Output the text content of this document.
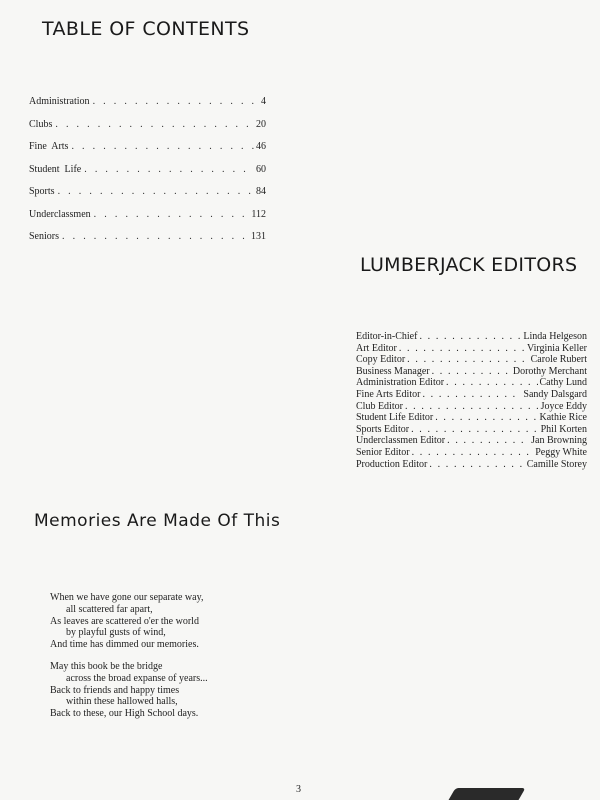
TABLE OF CONTENTS
Administration . . .	4
Clubs . . .	20
Fine  Arts . . .	46
Student  Life . . .	60
Sports . . .	84
Underclassmen . . .	112
Seniors . . .	131
LUMBERJACK EDITORS
Editor-in-Chief . . .	Linda Helgeson
Art Editor . . .	Virginia Keller
Copy Editor . . .	Carole Rubert
Business Manager . . .	Dorothy Merchant
Administration Editor . . .	Cathy Lund
Fine Arts Editor . . .	Sandy Dalsgard
Club Editor . . .	Joyce Eddy
Student Life Editor . . .	Kathie Rice
Sports Editor . . .	Phil Korten
Underclassmen Editor . . .	Jan Browning
Senior Editor . . .	Peggy White
Production Editor . . .	Camille Storey
Memories Are Made Of This
When we have gone our separate way,
all scattered far apart,
As leaves are scattered o'er the world
by playful gusts of wind,
And time has dimmed our memories.
May this book be the bridge
across the broad expanse of years...
Back to friends and happy times
within these hallowed halls,
Back to these, our High School days.
3
